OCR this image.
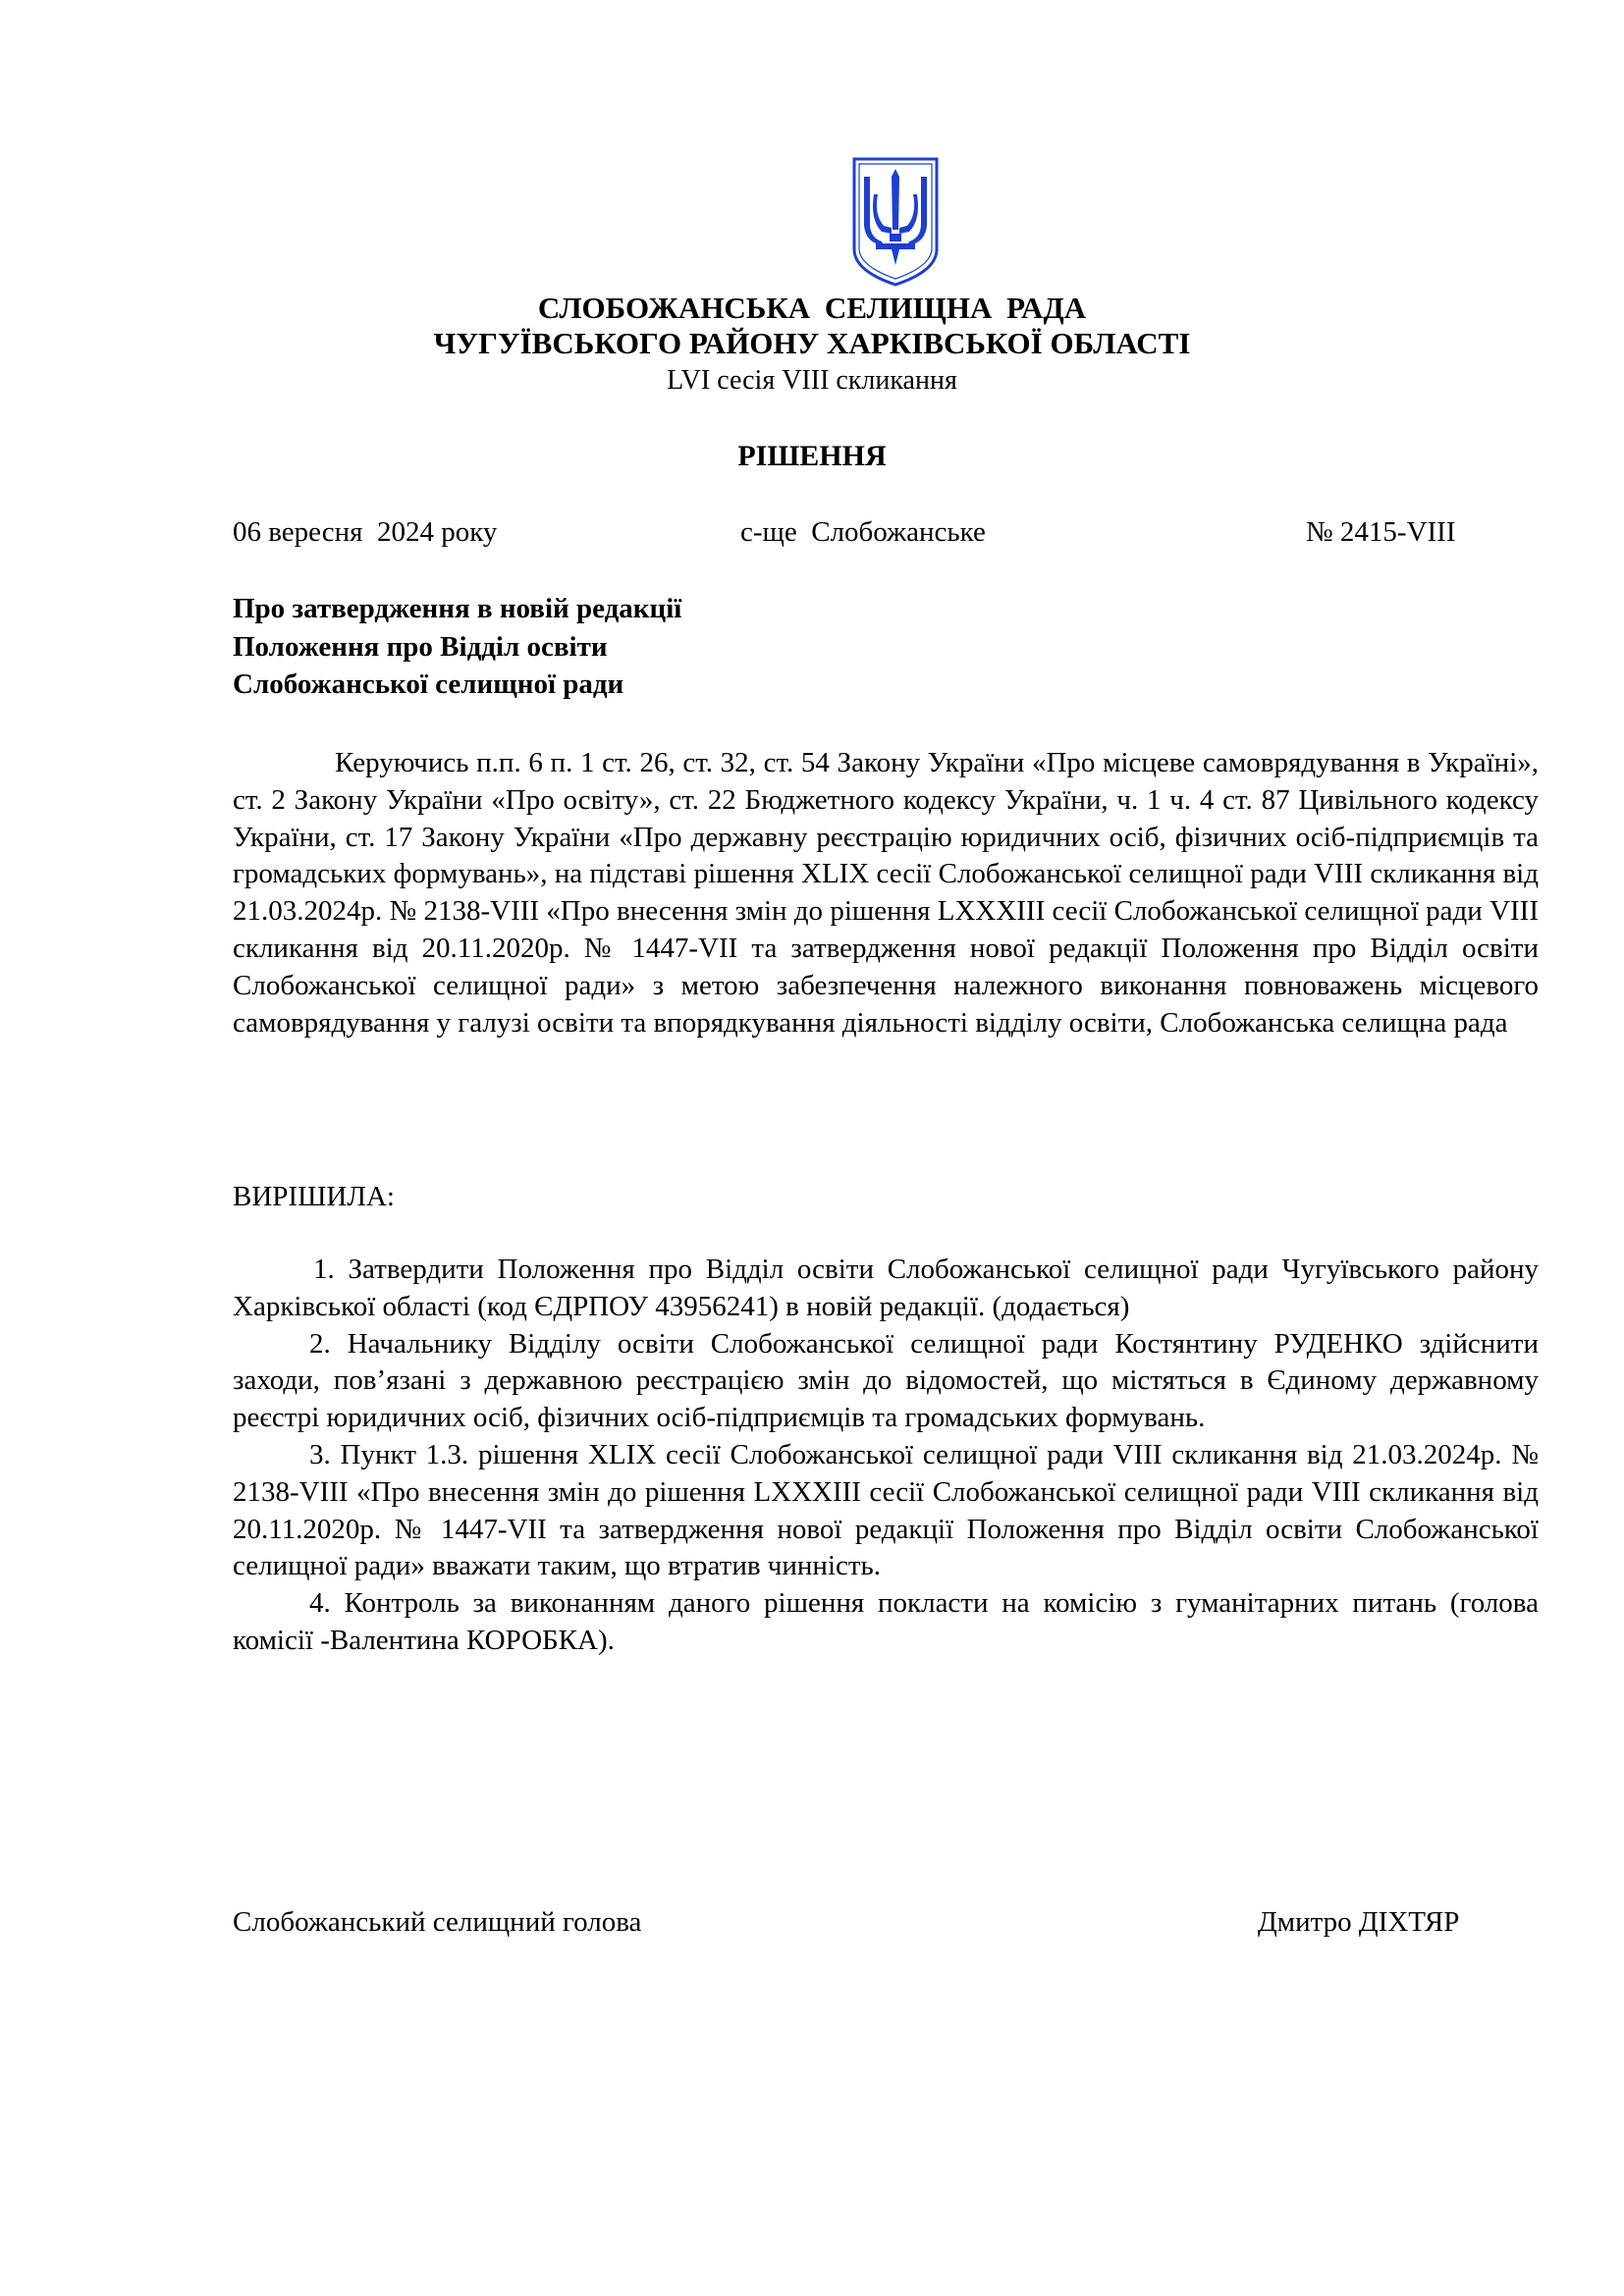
СЛОБОЖАНСЬКА СЕЛИЩНА РАДА
ЧУГУЇВСЬКОГО РАЙОНУ ХАРКІВСЬКОЇ ОБЛАСТІ
LVI сесія VIII скликання
РІШЕННЯ
06 вересня  2024 року	с-ще  Слобожанське	№ 2415-VIII
Про затвердження в новій редакції
Положення про Відділ освіти
Слобожанської селищної ради
Керуючись п.п. 6 п. 1 ст. 26, ст. 32, ст. 54 Закону України «Про місцеве самоврядування в Україні», ст. 2 Закону України «Про освіту», ст. 22 Бюджетного кодексу України, ч. 1 ч. 4 ст. 87 Цивільного кодексу України, ст. 17 Закону України «Про державну реєстрацію юридичних осіб, фізичних осіб-підприємців та громадських формувань», на підставі рішення XLIX сесії Слобожанської селищної ради VIII скликання від 21.03.2024р. № 2138-VIII «Про внесення змін до рішення LXXXIII сесії Слобожанської селищної ради VIII скликання від 20.11.2020р. № 1447-VII та затвердження нової редакції Положення про Відділ освіти Слобожанської селищної ради» з метою забезпечення належного виконання повноважень місцевого самоврядування у галузі освіти та впорядкування діяльності відділу освіти, Слобожанська селищна рада
ВИРІШИЛА:

1. Затвердити Положення про Відділ освіти Слобожанської селищної ради Чугуївського району Харківської області (код ЄДРПОУ 43956241) в новій редакції. (додається)

2. Начальнику Відділу освіти Слобожанської селищної ради Костянтину РУДЕНКО здійснити заходи, пов’язані з державною реєстрацією змін до відомостей, що містяться в Єдиному державному реєстрі юридичних осіб, фізичних осіб-підприємців та громадських формувань.

3. Пункт 1.3. рішення XLIX сесії Слобожанської селищної ради VIII скликання від 21.03.2024р. № 2138-VIII «Про внесення змін до рішення LXXXIII сесії Слобожанської селищної ради VIII скликання від 20.11.2020р. № 1447-VII та затвердження нової редакції Положення про Відділ освіти Слобожанської селищної ради» вважати таким, що втратив чинність.

4. Контроль за виконанням даного рішення покласти на комісію з гуманітарних питань (голова комісії -Валентина КОРОБКА).

Слобожанський селищний голова	Дмитро ДІХТЯР
